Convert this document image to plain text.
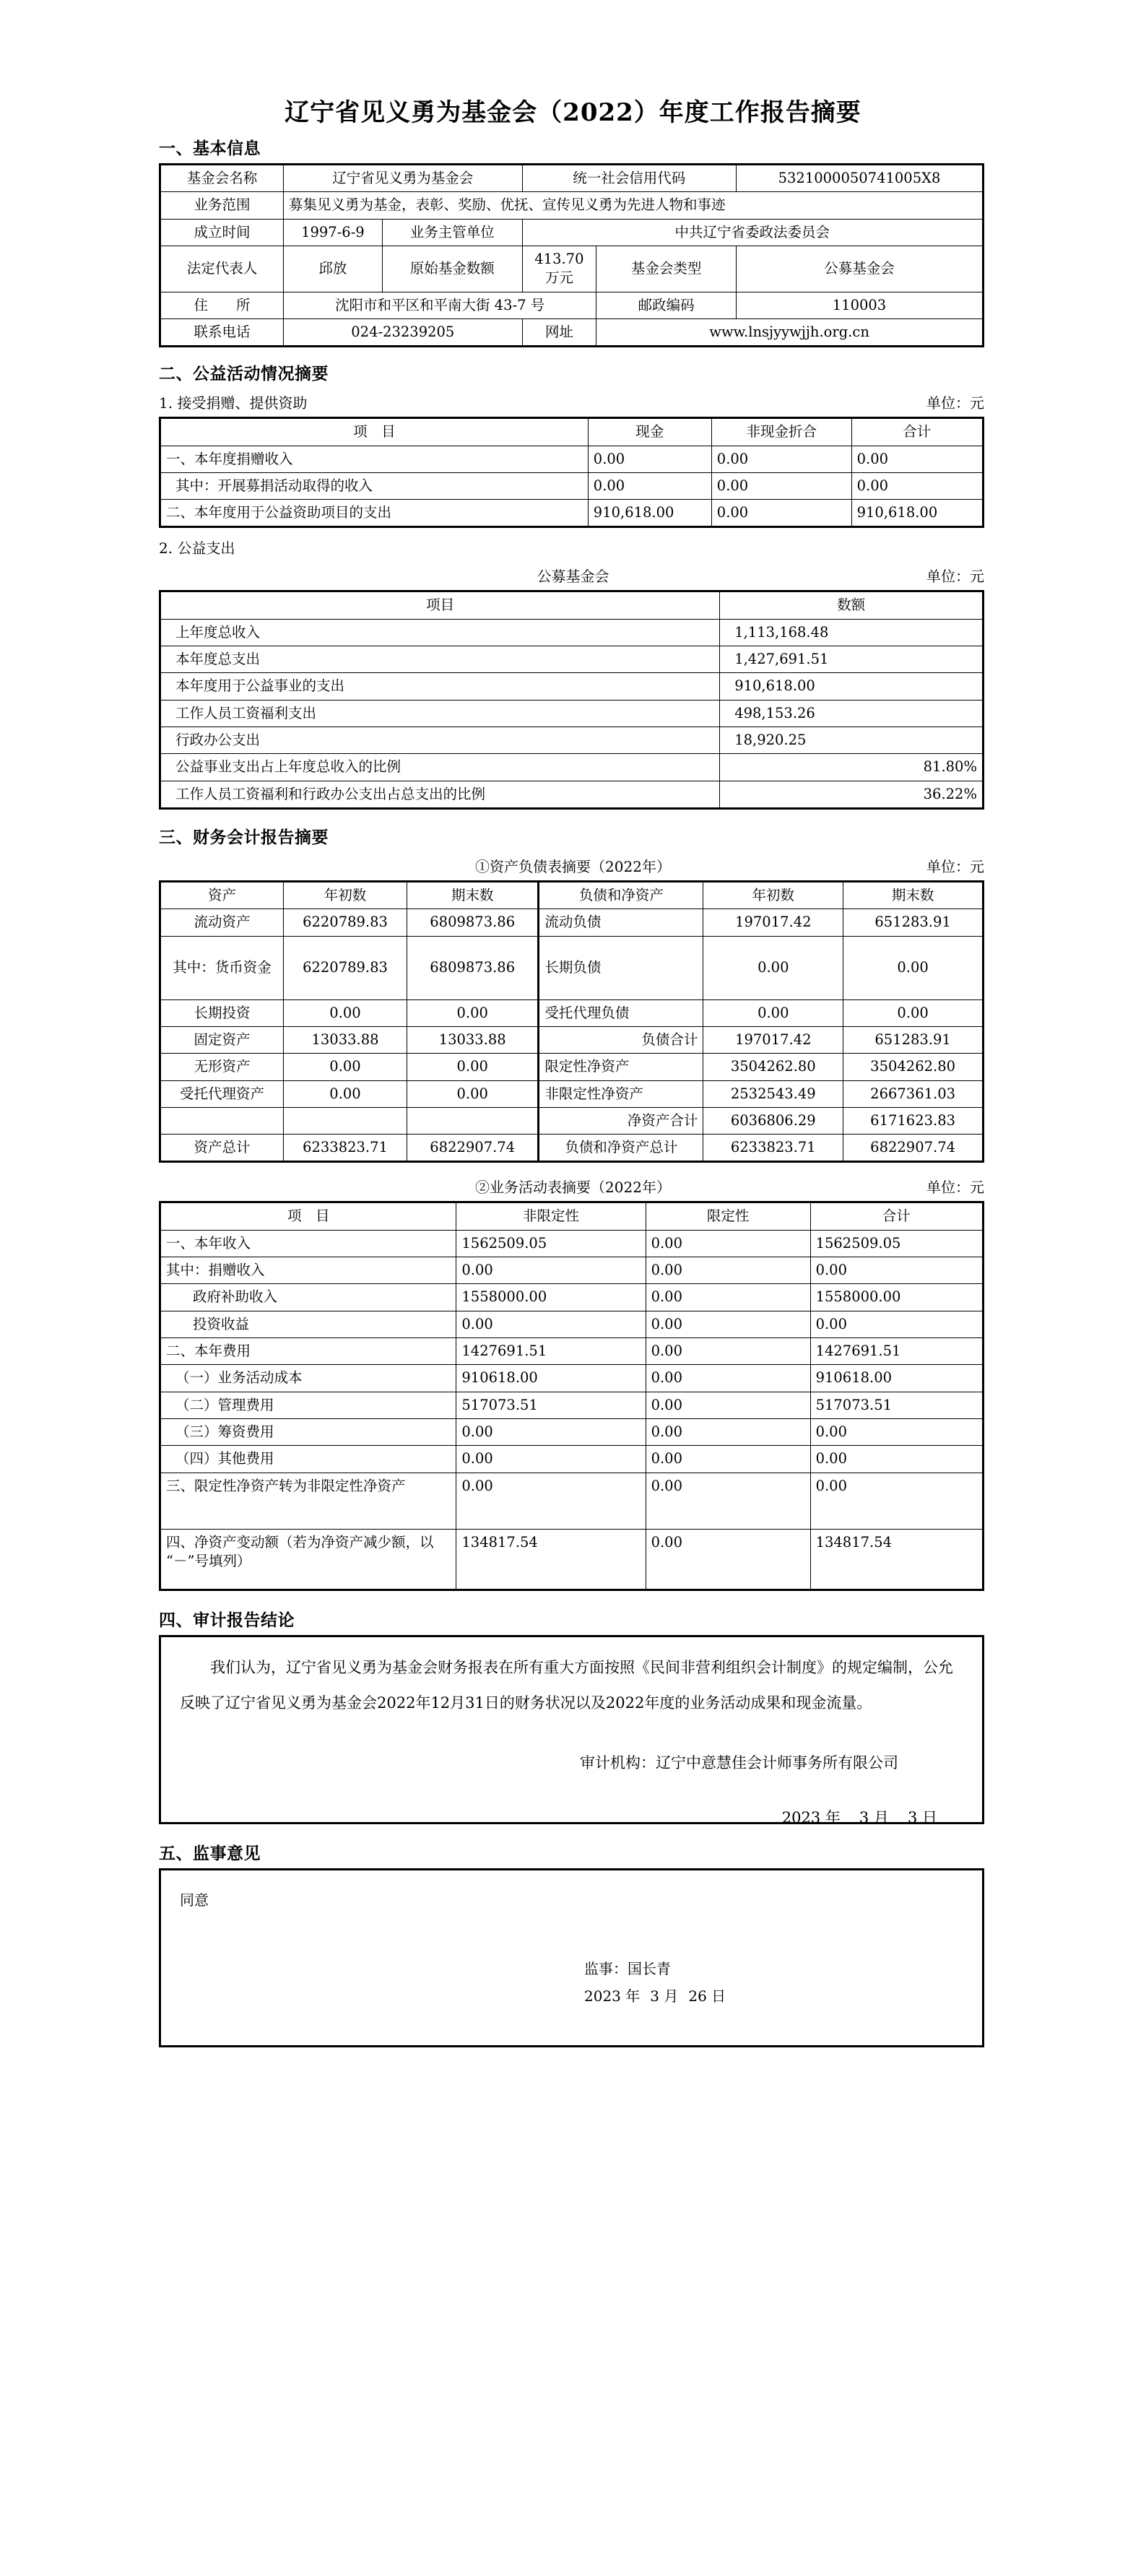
辽宁省见义勇为基金会（2022）年度工作报告摘要
一、基本信息
基金会名称	辽宁省见义勇为基金会		统一社会信用代码		5321000050741005X8
业务范围	募集见义勇为基金，表彰、奖励、优抚、宣传见义勇为先进人物和事迹				
成立时间	1997-6-9	业务主管单位	中共辽宁省委政法委员会		
法定代表人	邱放	原始基金数额	413.70万元	基金会类型	公募基金会
住　　所	沈阳市和平区和平南大街 43-7 号			邮政编码	110003
联系电话	024-23239205		网址	www.lnsjyywjjh.org.cn	
二、公益活动情况摘要
1. 接受捐赠、提供资助	单位：元
项　目	现金	非现金折合	合计
一、本年度捐赠收入	0.00	0.00	0.00
其中：开展募捐活动取得的收入	0.00	0.00	0.00
二、本年度用于公益资助项目的支出	910,618.00	0.00	910,618.00
2. 公益支出
公募基金会	单位：元
项目	数额
上年度总收入	1,113,168.48
本年度总支出	1,427,691.51
本年度用于公益事业的支出	910,618.00
工作人员工资福利支出	498,153.26
行政办公支出	18,920.25
公益事业支出占上年度总收入的比例	81.80%
工作人员工资福利和行政办公支出占总支出的比例	36.22%
三、财务会计报告摘要
①资产负债表摘要（2022年）	单位：元
资产	年初数	期末数	负债和净资产	年初数	期末数
流动资产	6220789.83	6809873.86	流动负债	197017.42	651283.91
其中：货币资金	6220789.83	6809873.86	长期负债	0.00	0.00
长期投资	0.00	0.00	受托代理负债	0.00	0.00
固定资产	13033.88	13033.88	负债合计	197017.42	651283.91
无形资产	0.00	0.00	限定性净资产	3504262.80	3504262.80
受托代理资产	0.00	0.00	非限定性净资产	2532543.49	2667361.03
			净资产合计	6036806.29	6171623.83
资产总计	6233823.71	6822907.74	负债和净资产总计	6233823.71	6822907.74
②业务活动表摘要（2022年）	单位：元
项　目	非限定性	限定性	合计
一、本年收入	1562509.05	0.00	1562509.05
其中：捐赠收入	0.00	0.00	0.00
政府补助收入	1558000.00	0.00	1558000.00
投资收益	0.00	0.00	0.00
二、本年费用	1427691.51	0.00	1427691.51
（一）业务活动成本	910618.00	0.00	910618.00
（二）管理费用	517073.51	0.00	517073.51
（三）筹资费用	0.00	0.00	0.00
（四）其他费用	0.00	0.00	0.00
三、限定性净资产转为非限定性净资产	0.00	0.00	0.00
四、净资产变动额（若为净资产减少额，以“－”号填列）	134817.54	0.00	134817.54
四、审计报告结论

我们认为，辽宁省见义勇为基金会财务报表在所有重大方面按照《民间非营利组织会计制度》的规定编制，公允反映了辽宁省见义勇为基金会2022年12月31日的财务状况以及2022年度的业务活动成果和现金流量。

审计机构：辽宁中意慧佳会计师事务所有限公司
2023 年 3 月 3 日
五、监事意见

同意

监事：国长青
2023 年 3 月 26 日
